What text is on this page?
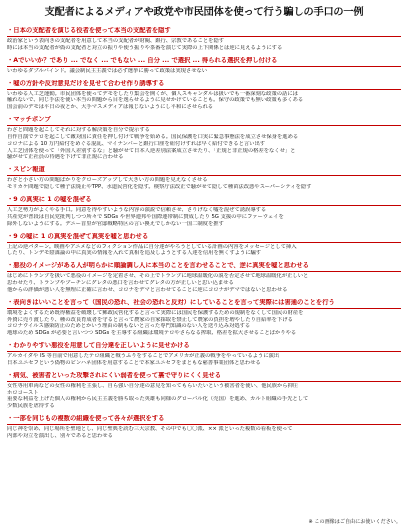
支配者によるメディアや政党や市民団体を使って行う騙しの手口の一例
・日本の支配者を演じる役者を使って本当の支配者を隠す
政治家という表向きの支配者を用意して本当の支配者が財閥、銀行、宗教であることを隠す
時には本当の支配者が偽の支配者と対立の振りや使う振りや茶番を演じて実際の上下関係とは逆に見えるようにする
・Aでいいか？であり ... でなく ... でもない ... 自分 ... で選択 ... 得られる選択を押し付ける
いわゆるダブルバインド。議会制民主主義では必ず選挙に勝って政策は実現させない
・嘘の方針や反対意見だけを見せて合わせ作り誘導する
いわゆる人工芝運動。市民団体を使ってデモをしたり集会を開くが、個人スキャンダルは扱いでも一番深刻な政策の話には
触れないで、同じ手法を使い本当の問題から目を逸らせるように見せかけていることも。保守の政策でも無い政策も多くある
国会前のデモは平日の夜とか、大手マスメディアは報じないようにし平和にさせられる
・マッチポンプ
わざと問題を起こしてそれに対する解決策を自分で提示する
自作自演でテロを起こして敵対国に責任を押し付けて戦争を始める。国民保護を口実に緊急事態法を成立させ保身を進める
コロナによる 10 万円給付をめぐる混乱、マイナンバーと銀行口座を紐付けすれば早く給付できると言い出す
人工芝団体を使って「外国人差別するな」と騒がせて日本人逆差別法案成立させたり、「正規と非正規の格差をなくせ」と
騒がせて正社員の待遇を下げて非正規に合わせる
・スピン報道
わざと小さい方の問題ばかりをクローズアップして大きい方の問題を見えなくさせる
モリカケ問題で隠して種子法廃止やTPP、水道民営化を隠す。検察庁法改正で騒がせて隠して種苗法改悪やスーパーシティを隠す
・9 の真実に 1 の嘘を混ぜる
人工芝勢力がよくやる手口。同意を得やすいような内容の演説で信頼させ、さりげなく嘘を混ぜて誘誤導する
共産党が普段は自民党批判しつつ所々で SDGs や世界連邦や国際連帯制に賛成したり 5G 支援の中にファーウェイを
除外しないようにする。デニー首里が官邸戦略特区の言い換えでしかない一国二制度を推す
・9 の嘘に 1 の真実を混ぜて真実を嘘と思わせる
上記の逆パターン。映画やアニメなどのフィクション作品に自分達がやろうとしている計画の内容をメッセージとして挿入
したり、トンデモ陰謀論の中に真実の情報を入れて真相を追及しようとする人達を信用を無くすように騙す
・悪役のイメージがある人が明らかに順論調し人に本当のことを言わせることで、逆に真実を嘘と思わせる
はじめにトランプを扱いて悪役のイメージを定着させ、その上でトランプに地球温暖化の説を否定させて地球温暖化が正しいと
思わせたり、トランプやプーチンにグレタの悪口を言わせてグレタの方が正しいと思い込ませる
他からの評価が悪い人を無理に正確に言わせ、コロナをデマと言わせてることに逆にコロナがデマではないと思わせる
・表向きはいいことを言って（国民の恐れ、社会の恐れと反対）にしていることを言って実際には害通のことを行う
環境をよくするため既得権益を破壊して郵政民営化すると言って実際には国民を保護するための規制をなくして国民の財産を
外資に売り渡したり、種の改良育成者を守ると言って農家の自家採取を禁止して農家の負担を増やしたり自給率を下げる
コロナウイルス感染防止のためとかいう理由の制もないと言った専門知識のない人を送り込み対処する
地球のため SDGs が必要と言いつつ SDGs を主導する組織は環境テロやさらなる搾取、格差を拡大させることばかりやる
・わかりやすい悪役を用意して自分達を正しいように見せかける
アルカイダや IS 等自前で用意したテロ組織と戦うふりをすることでアメリカが正義の戦争をやっているように演出
日本ユニセフという偽物のピンハネ団体を用意することで本家ユニセフをまともな慈善事業団体と思わせる
・病気、被害者といった攻撃されにくい弱者を使って裏で守りにくく見せる
女性専用車両などの女性の権利を主張し、自ら強い自分達の意見を知ってもらいたいという被害者を使い、他民族から抑圧
ホロコースト
重要な利益を上げた個人の権利から民主主義を勝ち取った英雄も同様のグローバル化（売国）を進め、カルト組織の手先として
少数民族を虐待する
・一部を同じもの複数の組織を使って各々が選択をする
同じ神を崇め、同じ場所を聖地とし、同じ聖典を読む三大宗教、その中でも〇〇派、×× 派といった複数の看板を使って
内部や対立を演出し、別々であると思わせる
※ この画像はご自由にお使いください。
